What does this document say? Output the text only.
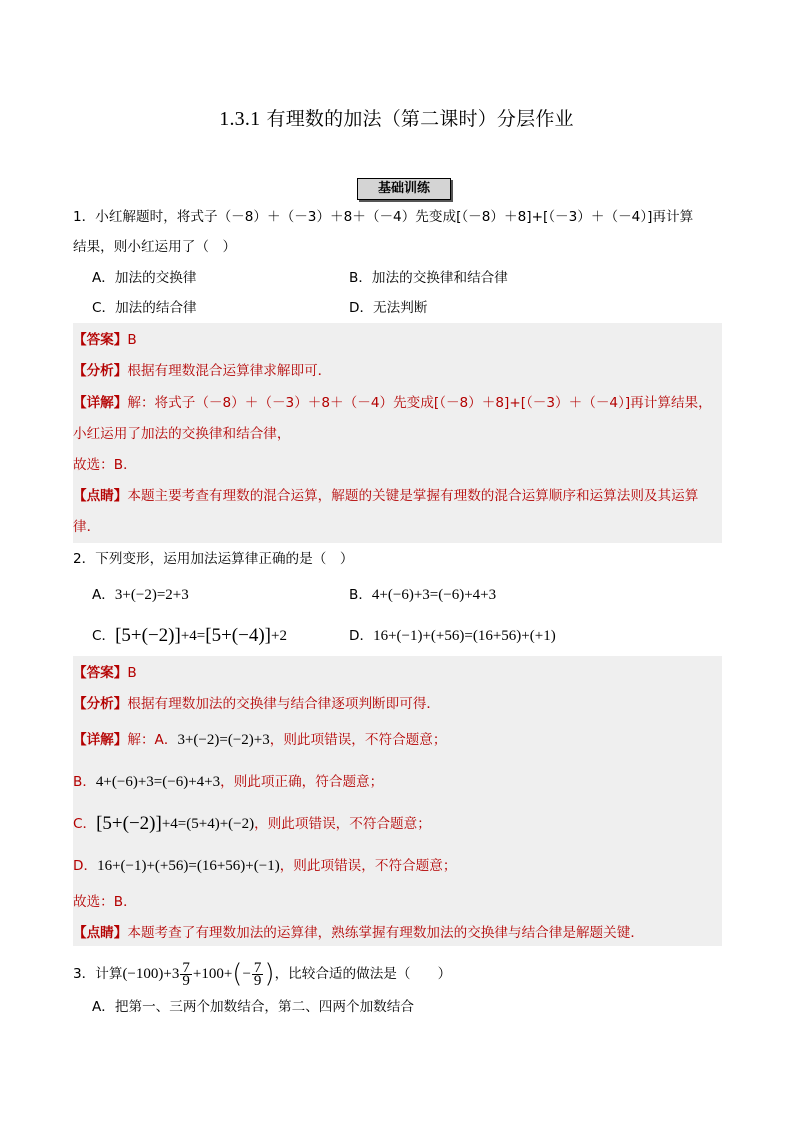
1.3.1 有理数的加法（第二课时）分层作业
基础训练
1．小红解题时，将式子（－8）＋（－3）＋8＋（－4）先变成[（－8）＋8]+[（－3）＋（－4）]再计算
结果，则小红运用了（　）
A．加法的交换律	B．加法的交换律和结合律
C．加法的结合律	D．无法判断
【答案】B
【分析】根据有理数混合运算律求解即可．
【详解】解：将式子（－8）＋（－3）＋8＋（－4）先变成[（－8）＋8]+[（－3）＋（－4）]再计算结果，
小红运用了加法的交换律和结合律，
故选：B．
【点睛】本题主要考查有理数的混合运算，解题的关键是掌握有理数的混合运算顺序和运算法则及其运算
律．
2．下列变形，运用加法运算律正确的是（　）
A．3+(−2)=2+3	B．4+(−6)+3=(−6)+4+3
C．[5+(−2)]+4=[5+(−4)]+2	D．16+(−1)+(+56)=(16+56)+(+1)
【答案】B
【分析】根据有理数加法的交换律与结合律逐项判断即可得．
【详解】解：A．3+(−2)=(−2)+3，则此项错误，不符合题意；
B．4+(−6)+3=(−6)+4+3，则此项正确，符合题意；
C．[5+(−2)]+4=(5+4)+(−2)，则此项错误，不符合题意；
D．16+(−1)+(+56)=(16+56)+(−1)，则此项错误，不符合题意；
故选：B．
【点睛】本题考查了有理数加法的运算律，熟练掌握有理数加法的交换律与结合律是解题关键．
3．计算$(-100)+3 \frac{7}{9} +100+(- \frac{7}{9}$ )，比较合适的做法是（　　）
A．把第一、三两个加数结合，第二、四两个加数结合
